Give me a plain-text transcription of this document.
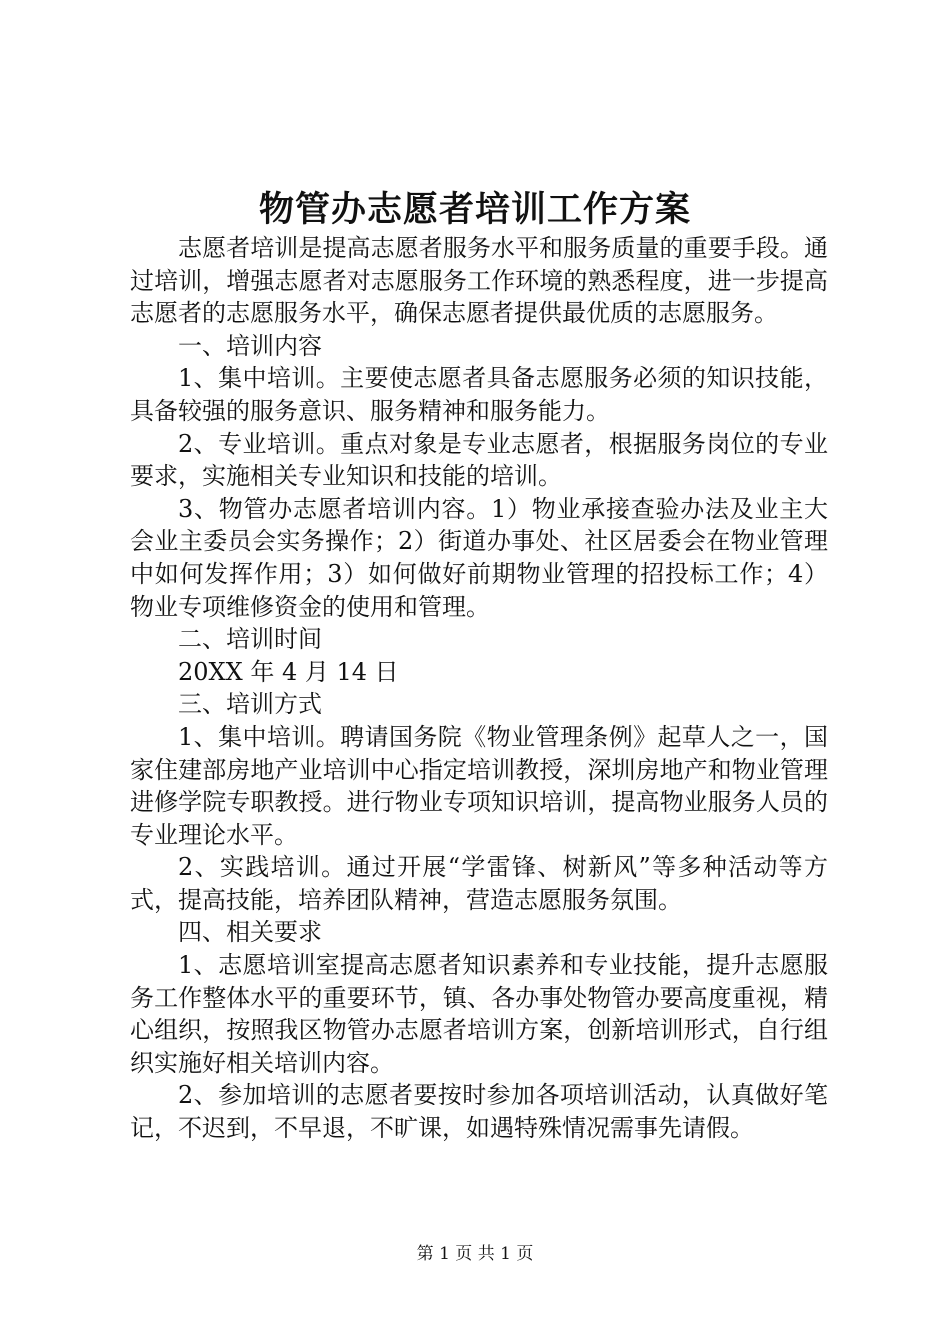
物管办志愿者培训工作方案

志愿者培训是提高志愿者服务水平和服务质量的重要手段。通过培训，增强志愿者对志愿服务工作环境的熟悉程度，进一步提高志愿者的志愿服务水平，确保志愿者提供最优质的志愿服务。

一、培训内容

1、集中培训。主要使志愿者具备志愿服务必须的知识技能，具备较强的服务意识、服务精神和服务能力。

2、专业培训。重点对象是专业志愿者，根据服务岗位的专业要求，实施相关专业知识和技能的培训。

3、物管办志愿者培训内容。1）物业承接查验办法及业主大会业主委员会实务操作；2）街道办事处、社区居委会在物业管理中如何发挥作用；3）如何做好前期物业管理的招投标工作；4）物业专项维修资金的使用和管理。

二、培训时间

20XX 年 4 月 14 日

三、培训方式

1、集中培训。聘请国务院《物业管理条例》起草人之一，国家住建部房地产业培训中心指定培训教授，深圳房地产和物业管理进修学院专职教授。进行物业专项知识培训，提高物业服务人员的专业理论水平。

2、实践培训。通过开展“学雷锋、树新风”等多种活动等方式，提高技能，培养团队精神，营造志愿服务氛围。

四、相关要求

1、志愿培训室提高志愿者知识素养和专业技能，提升志愿服务工作整体水平的重要环节，镇、各办事处物管办要高度重视，精心组织，按照我区物管办志愿者培训方案，创新培训形式，自行组织实施好相关培训内容。

2、参加培训的志愿者要按时参加各项培训活动，认真做好笔记，不迟到，不早退，不旷课，如遇特殊情况需事先请假。

第 1 页 共 1 页
